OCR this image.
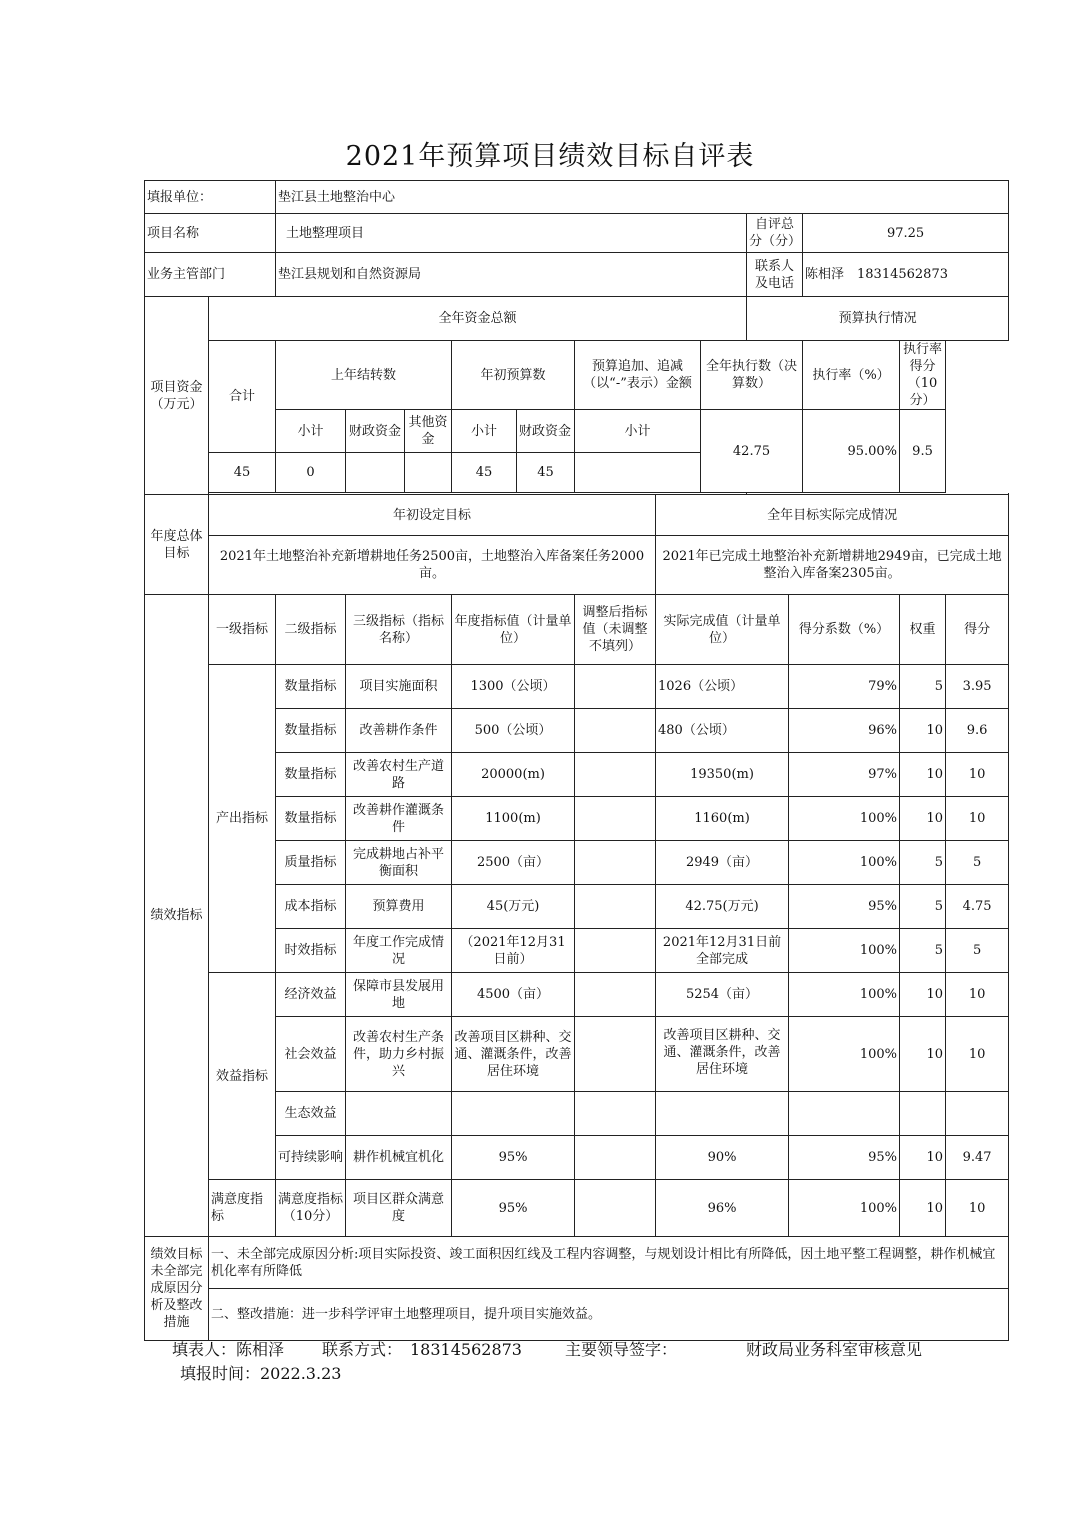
2021年预算项目绩效目标自评表
填报单位：		垫江县土地整治中心												
项目名称		土地整理项目								自评总分（分）		97.25		
业务主管部门		垫江县规划和自然资源局								联系人及电话		陈相泽　18314562873		
项目资金（万元）	全年资金总额									预算执行情况				
	合计	上年结转数			年初预算数		预算追加、追减（以“-”表示）金额		全年执行数（决算数）			执行率（%）	执行率得分（10分）	
		小计	财政资金	其他资金	小计	财政资金	小计		42.75			95.00%	9.5	
	45	0			45	45								

年度总体目标	年初设定目标							全年目标实际完成情况						
	2021年土地整治补充新增耕地任务2500亩，土地整治入库备案任务2000亩。							2021年已完成土地整治补充新增耕地2949亩，已完成土地整治入库备案2305亩。						
绩效指标	一级指标	二级指标	三级指标（指标名称）		年度指标值（计量单位）		调整后指标值（未调整不填列）	实际完成值（计量单位）			得分系数（%）		权重	得分
	产出指标	数量指标	项目实施面积		1300（公顷）			1026（公顷）			79%		5	3.95
		数量指标	改善耕作条件		500（公顷）			480（公顷）			96%		10	9.6
		数量指标	改善农村生产道路		20000(m)			19350(m)			97%		10	10
		数量指标	改善耕作灌溉条件		1100(m)			1160(m)			100%		10	10
		质量指标	完成耕地占补平衡面积		2500（亩）			2949（亩）			100%		5	5
		成本指标	预算费用		45(万元)			42.75(万元)			95%		5	4.75
		时效指标	年度工作完成情况		（2021年12月31日前）			2021年12月31日前全部完成			100%		5	5
	效益指标	经济效益	保障市县发展用地		4500（亩）			5254（亩）			100%		10	10
		社会效益	改善农村生产条件，助力乡村振兴		改善项目区耕种、交通、灌溉条件，改善居住环境			改善项目区耕种、交通、灌溉条件，改善居住环境			100%		10	10
		生态效益												
		可持续影响	耕作机械宜机化		95%			90%			95%		10	9.47
	满意度指标	满意度指标（10分）	项目区群众满意度		95%			96%			100%		10	10
绩效目标未全部完成原因分析及整改措施	一、未全部完成原因分析:项目实际投资、竣工面积因红线及工程内容调整，与规划设计相比有所降低，因土地平整工程调整，耕作机械宜机化率有所降低													
	二、整改措施：进一步科学评审土地整理项目，提升项目实施效益。													
填表人：陈相泽 联系方式：　18314562873	主要领导签字：	财政局业务科室审核意见
填报时间：2022.3.23
